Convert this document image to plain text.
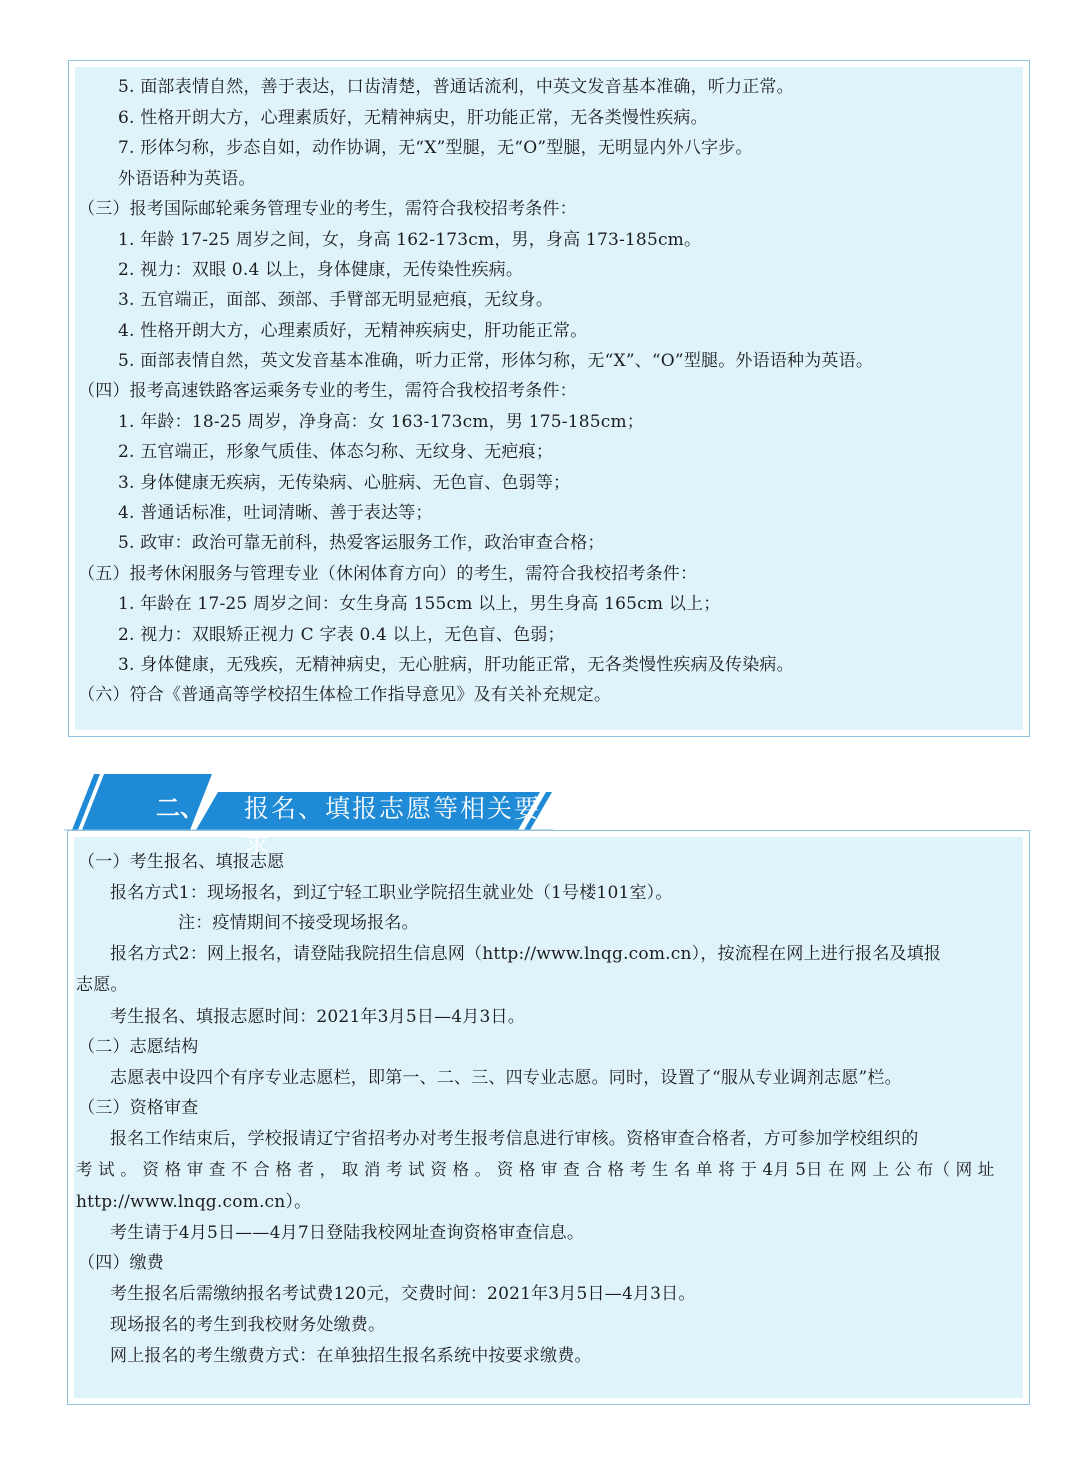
5. 面部表情自然，善于表达，口齿清楚，普通话流利，中英文发音基本准确，听力正常。
6. 性格开朗大方，心理素质好，无精神病史，肝功能正常，无各类慢性疾病。
7. 形体匀称，步态自如，动作协调，无“X”型腿，无“O”型腿，无明显内外八字步。
外语语种为英语。
（三）报考国际邮轮乘务管理专业的考生，需符合我校招考条件：
1. 年龄 17-25 周岁之间，女，身高 162-173cm，男，身高 173-185cm。
2. 视力：双眼 0.4 以上，身体健康，无传染性疾病。
3. 五官端正，面部、颈部、手臂部无明显疤痕，无纹身。
4. 性格开朗大方，心理素质好，无精神疾病史，肝功能正常。
5. 面部表情自然，英文发音基本准确，听力正常，形体匀称，无“X”、“O”型腿。外语语种为英语。
（四）报考高速铁路客运乘务专业的考生，需符合我校招考条件：
1. 年龄：18-25 周岁，净身高：女 163-173cm，男 175-185cm；
2. 五官端正，形象气质佳、体态匀称、无纹身、无疤痕；
3. 身体健康无疾病，无传染病、心脏病、无色盲、色弱等；
4. 普通话标准，吐词清晰、善于表达等；
5. 政审：政治可靠无前科，热爱客运服务工作，政治审查合格；
（五）报考休闲服务与管理专业（休闲体育方向）的考生，需符合我校招考条件：
1. 年龄在 17-25 周岁之间：女生身高 155cm 以上，男生身高 165cm 以上；
2. 视力：双眼矫正视力 C 字表 0.4 以上，无色盲、色弱；
3. 身体健康，无残疾，无精神病史，无心脏病，肝功能正常，无各类慢性疾病及传染病。
（六）符合《普通高等学校招生体检工作指导意见》及有关补充规定。
二、 报名、填报志愿等相关要求
（一）考生报名、填报志愿
报名方式1：现场报名，到辽宁轻工职业学院招生就业处（1号楼101室）。
注：疫情期间不接受现场报名。
报名方式2：网上报名，请登陆我院招生信息网（http://www.lnqg.com.cn），按流程在网上进行报名及填报
志愿。
考生报名、填报志愿时间：2021年3月5日—4月3日。
（二）志愿结构
志愿表中设四个有序专业志愿栏，即第一、二、三、四专业志愿。同时，设置了“服从专业调剂志愿”栏。
（三）资格审查
报名工作结束后，学校报请辽宁省招考办对考生报考信息进行审核。资格审查合格者，方可参加学校组织的
考 试 。 资 格 审 查 不 合 格 者 ， 取 消 考 试 资 格 。 资 格 审 查 合 格 考 生 名 单 将 于 4月 5日 在 网 上 公 布（ 网 址
http://www.lnqg.com.cn）。
考生请于4月5日——4月7日登陆我校网址查询资格审查信息。
（四）缴费
考生报名后需缴纳报名考试费120元，交费时间：2021年3月5日—4月3日。
现场报名的考生到我校财务处缴费。
网上报名的考生缴费方式：在单独招生报名系统中按要求缴费。
